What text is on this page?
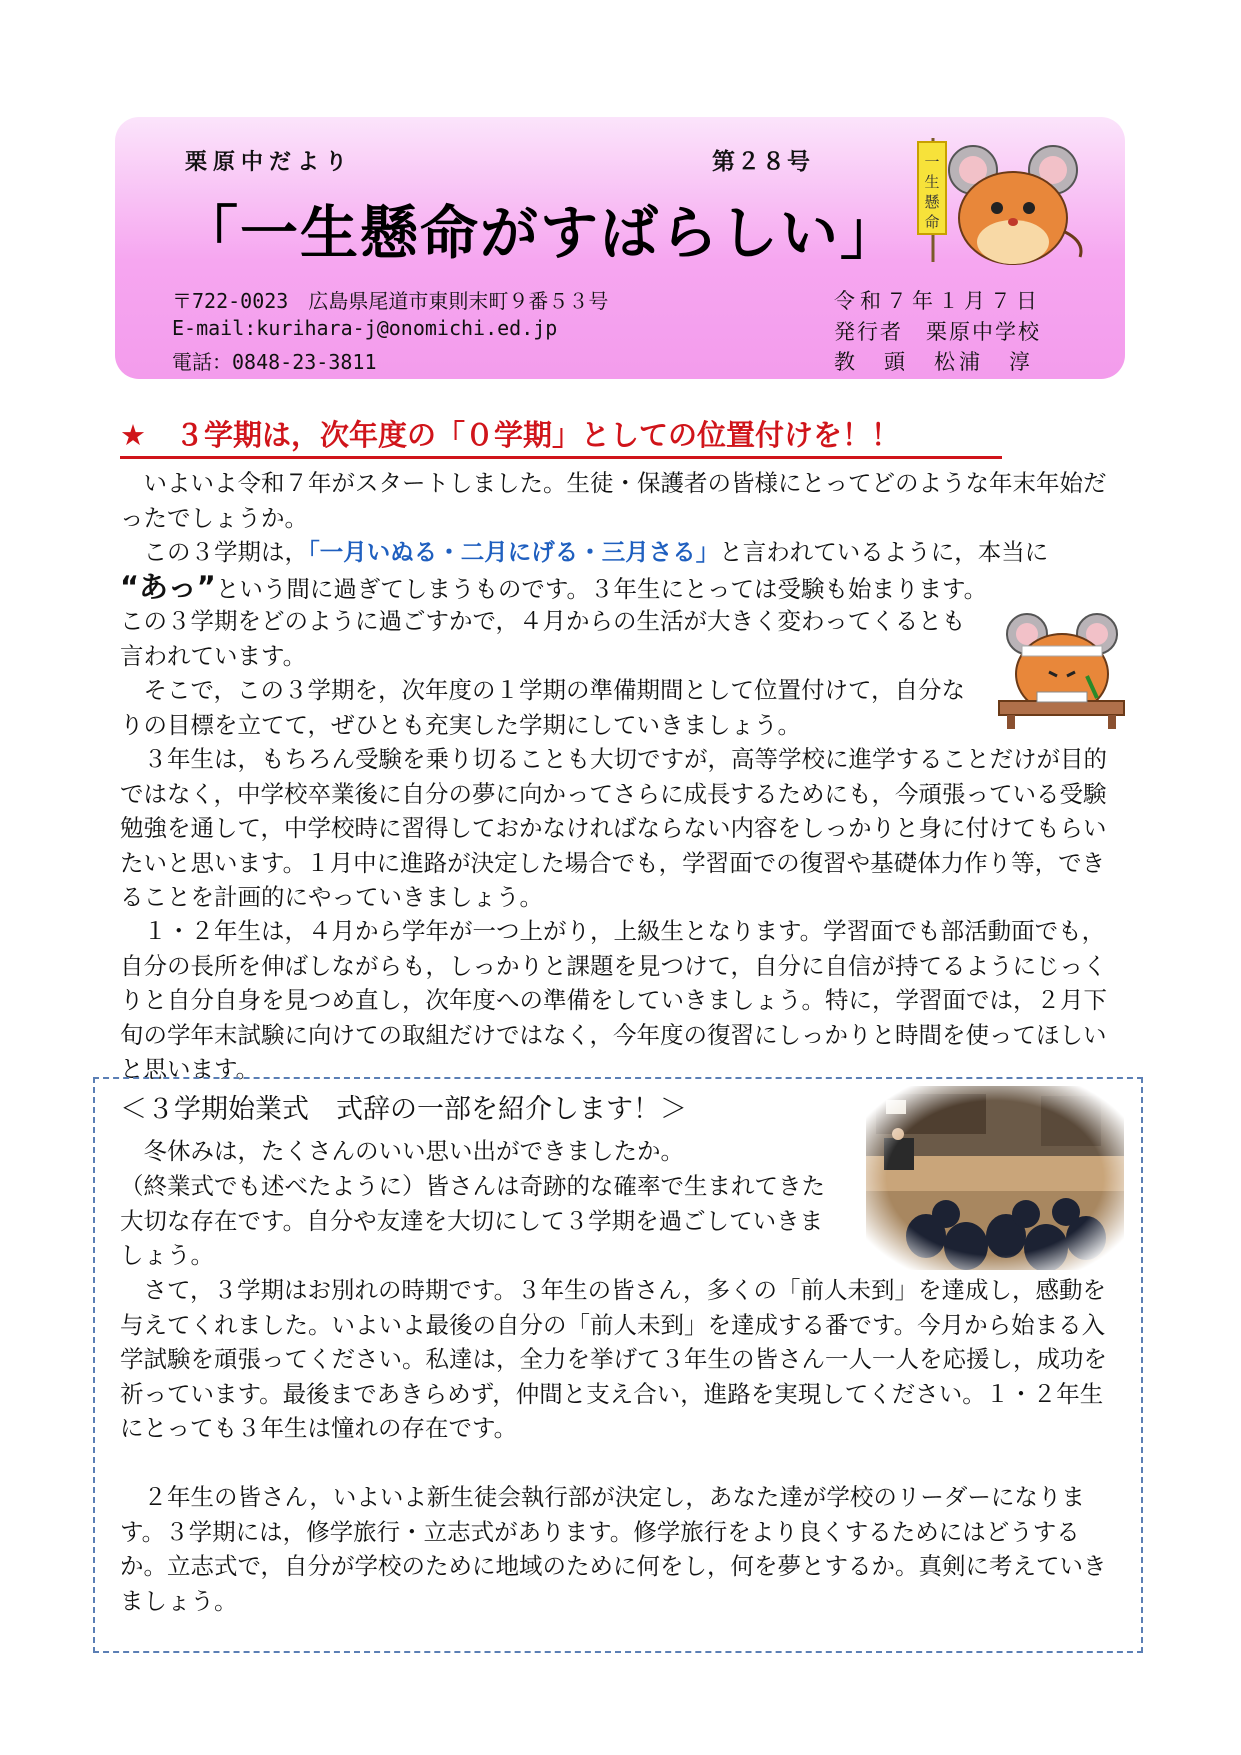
栗原中だより	第２８号
「一生懸命がすばらしい」
〒722-0023　広島県尾道市東則末町９番５３号
E-mail:kurihara-j@onomichi.ed.jp
電話：0848-23-3811
令和７年１月７日
発行者　栗原中学校
教　頭　松浦　淳
一
生
懸
命
★　３学期は，次年度の「０学期」としての位置付けを！！
いよいよ令和７年がスタートしました。生徒・保護者の皆様にとってどのような年末年始だったでしょうか。
この３学期は，「一月いぬる・二月にげる・三月さる」と言われているように，本当に
“あっ”という間に過ぎてしまうものです。３年生にとっては受験も始まります。
この３学期をどのように過ごすかで，４月からの生活が大きく変わってくるとも言われています。
そこで，この３学期を，次年度の１学期の準備期間として位置付けて，自分なりの目標を立てて，ぜひとも充実した学期にしていきましょう。
３年生は，もちろん受験を乗り切ることも大切ですが，高等学校に進学することだけが目的ではなく，中学校卒業後に自分の夢に向かってさらに成長するためにも，今頑張っている受験勉強を通して，中学校時に習得しておかなければならない内容をしっかりと身に付けてもらいたいと思います。１月中に進路が決定した場合でも，学習面での復習や基礎体力作り等，できることを計画的にやっていきましょう。
１・２年生は，４月から学年が一つ上がり，上級生となります。学習面でも部活動面でも，自分の長所を伸ばしながらも，しっかりと課題を見つけて，自分に自信が持てるようにじっくりと自分自身を見つめ直し，次年度への準備をしていきましょう。特に，学習面では，２月下旬の学年末試験に向けての取組だけではなく，今年度の復習にしっかりと時間を使ってほしいと思います。
＜３学期始業式　式辞の一部を紹介します！＞
冬休みは，たくさんのいい思い出ができましたか。
（終業式でも述べたように）皆さんは奇跡的な確率で生まれてきた大切な存在です。自分や友達を大切にして３学期を過ごしていきましょう。
さて，３学期はお別れの時期です。３年生の皆さん，多くの「前人未到」を達成し，感動を与えてくれました。いよいよ最後の自分の「前人未到」を達成する番です。今月から始まる入学試験を頑張ってください。私達は，全力を挙げて３年生の皆さん一人一人を応援し，成功を祈っています。最後まであきらめず，仲間と支え合い，進路を実現してください。１・２年生にとっても３年生は憧れの存在です。
２年生の皆さん，いよいよ新生徒会執行部が決定し，あなた達が学校のリーダーになります。３学期には，修学旅行・立志式があります。修学旅行をより良くするためにはどうするか。立志式で，自分が学校のために地域のために何をし，何を夢とするか。真剣に考えていきましょう。
